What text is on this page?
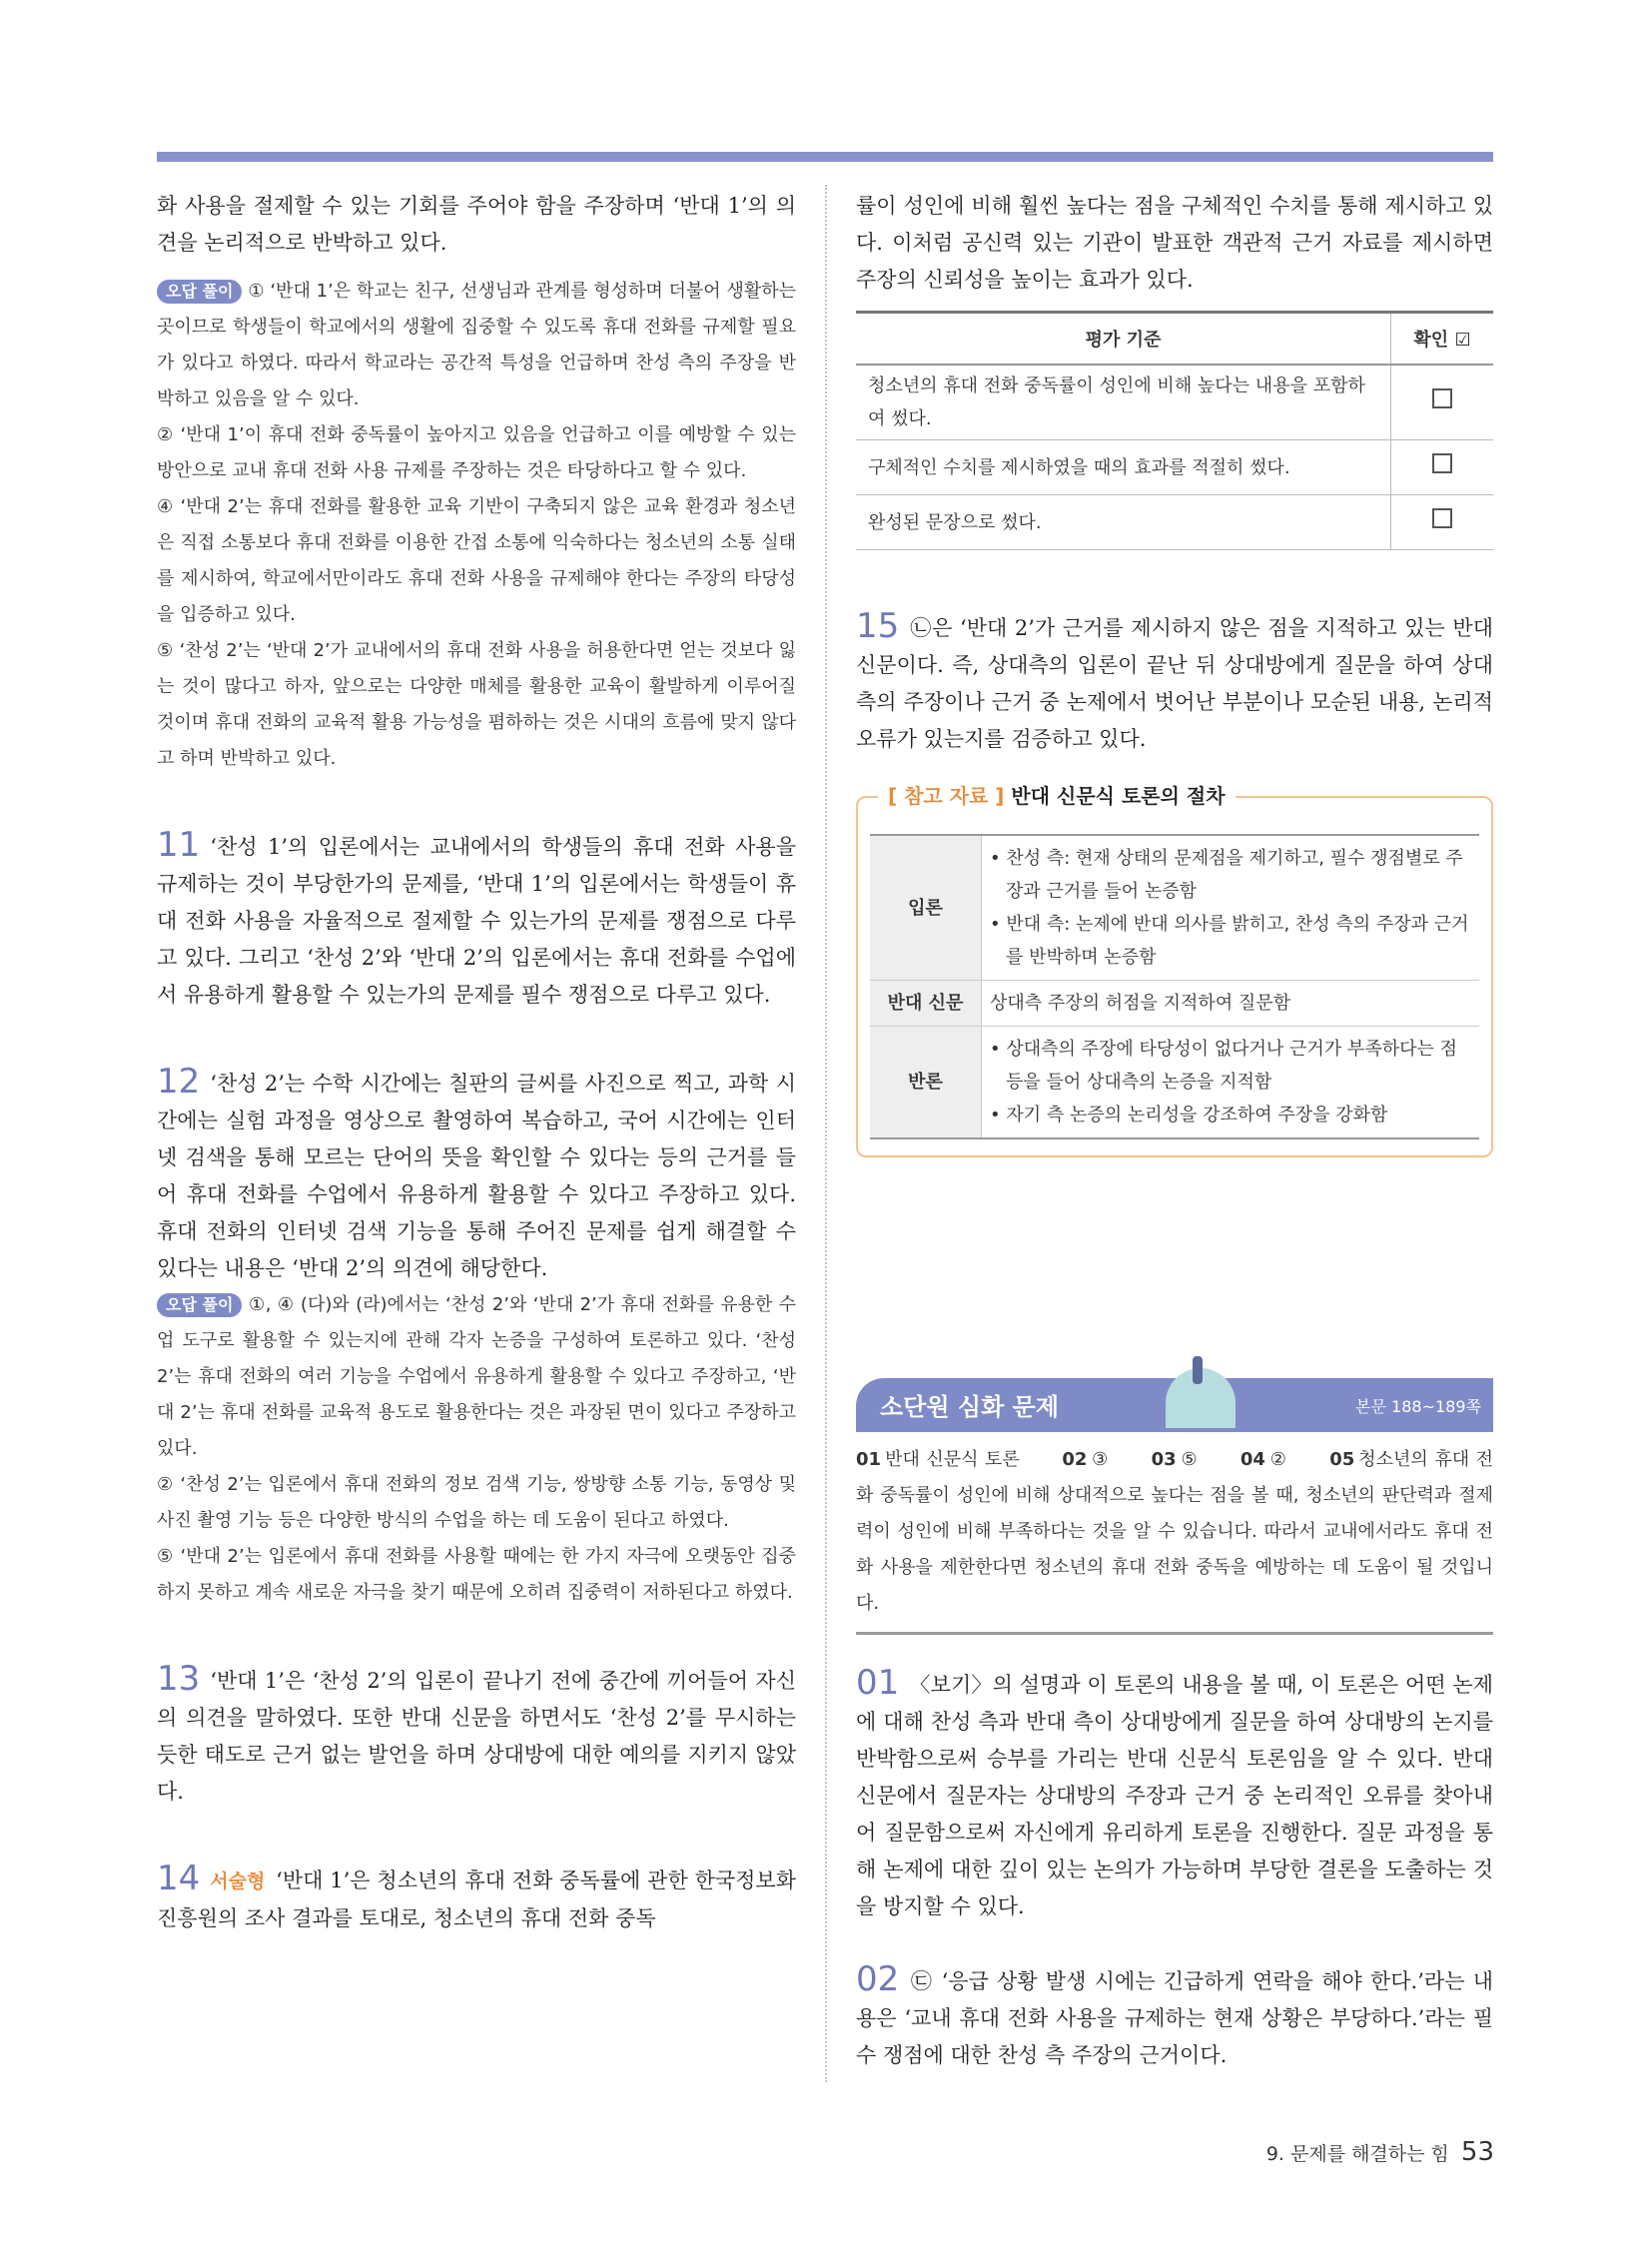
화 사용을 절제할 수 있는 기회를 주어야 함을 주장하며 ‘반대 1’의 의견을 논리적으로 반박하고 있다.
오답 풀이 ① ‘반대 1’은 학교는 친구, 선생님과 관계를 형성하며 더불어 생활하는 곳이므로 학생들이 학교에서의 생활에 집중할 수 있도록 휴대 전화를 규제할 필요가 있다고 하였다. 따라서 학교라는 공간적 특성을 언급하며 찬성 측의 주장을 반박하고 있음을 알 수 있다.
② ‘반대 1’이 휴대 전화 중독률이 높아지고 있음을 언급하고 이를 예방할 수 있는 방안으로 교내 휴대 전화 사용 규제를 주장하는 것은 타당하다고 할 수 있다.
④ ‘반대 2’는 휴대 전화를 활용한 교육 기반이 구축되지 않은 교육 환경과 청소년은 직접 소통보다 휴대 전화를 이용한 간접 소통에 익숙하다는 청소년의 소통 실태를 제시하여, 학교에서만이라도 휴대 전화 사용을 규제해야 한다는 주장의 타당성을 입증하고 있다.
⑤ ‘찬성 2’는 ‘반대 2’가 교내에서의 휴대 전화 사용을 허용한다면 얻는 것보다 잃는 것이 많다고 하자, 앞으로는 다양한 매체를 활용한 교육이 활발하게 이루어질 것이며 휴대 전화의 교육적 활용 가능성을 폄하하는 것은 시대의 흐름에 맞지 않다고 하며 반박하고 있다.
11 ‘찬성 1’의 입론에서는 교내에서의 학생들의 휴대 전화 사용을 규제하는 것이 부당한가의 문제를, ‘반대 1’의 입론에서는 학생들이 휴대 전화 사용을 자율적으로 절제할 수 있는가의 문제를 쟁점으로 다루고 있다. 그리고 ‘찬성 2’와 ‘반대 2’의 입론에서는 휴대 전화를 수업에서 유용하게 활용할 수 있는가의 문제를 필수 쟁점으로 다루고 있다.
12 ‘찬성 2’는 수학 시간에는 칠판의 글씨를 사진으로 찍고, 과학 시간에는 실험 과정을 영상으로 촬영하여 복습하고, 국어 시간에는 인터넷 검색을 통해 모르는 단어의 뜻을 확인할 수 있다는 등의 근거를 들어 휴대 전화를 수업에서 유용하게 활용할 수 있다고 주장하고 있다. 휴대 전화의 인터넷 검색 기능을 통해 주어진 문제를 쉽게 해결할 수 있다는 내용은 ‘반대 2’의 의견에 해당한다.
오답 풀이 ①, ④ (다)와 (라)에서는 ‘찬성 2’와 ‘반대 2’가 휴대 전화를 유용한 수업 도구로 활용할 수 있는지에 관해 각자 논증을 구성하여 토론하고 있다. ‘찬성 2’는 휴대 전화의 여러 기능을 수업에서 유용하게 활용할 수 있다고 주장하고, ‘반대 2’는 휴대 전화를 교육적 용도로 활용한다는 것은 과장된 면이 있다고 주장하고 있다.
② ‘찬성 2’는 입론에서 휴대 전화의 정보 검색 기능, 쌍방향 소통 기능, 동영상 및 사진 촬영 기능 등은 다양한 방식의 수업을 하는 데 도움이 된다고 하였다.
⑤ ‘반대 2’는 입론에서 휴대 전화를 사용할 때에는 한 가지 자극에 오랫동안 집중하지 못하고 계속 새로운 자극을 찾기 때문에 오히려 집중력이 저하된다고 하였다.
13 ‘반대 1’은 ‘찬성 2’의 입론이 끝나기 전에 중간에 끼어들어 자신의 의견을 말하였다. 또한 반대 신문을 하면서도 ‘찬성 2’를 무시하는 듯한 태도로 근거 없는 발언을 하며 상대방에 대한 예의를 지키지 않았다.
14 서술형 ‘반대 1’은 청소년의 휴대 전화 중독률에 관한 한국정보화 진흥원의 조사 결과를 토대로, 청소년의 휴대 전화 중독
률이 성인에 비해 훨씬 높다는 점을 구체적인 수치를 통해 제시하고 있다. 이처럼 공신력 있는 기관이 발표한 객관적 근거 자료를 제시하면 주장의 신뢰성을 높이는 효과가 있다.
평가 기준	확인 ☑
청소년의 휴대 전화 중독률이 성인에 비해 높다는 내용을 포함하여 썼다.	
구체적인 수치를 제시하였을 때의 효과를 적절히 썼다.	
완성된 문장으로 썼다.	
15 ㉡은 ‘반대 2’가 근거를 제시하지 않은 점을 지적하고 있는 반대 신문이다. 즉, 상대측의 입론이 끝난 뒤 상대방에게 질문을 하여 상대측의 주장이나 근거 중 논제에서 벗어난 부분이나 모순된 내용, 논리적 오류가 있는지를 검증하고 있다.
[ 참고 자료 ] 반대 신문식 토론의 절차
입론	• 찬성 측: 현재 상태의 문제점을 제기하고, 필수 쟁점별로 주장과 근거를 들어 논증함
• 반대 측: 논제에 반대 의사를 밝히고, 찬성 측의 주장과 근거를 반박하며 논증함

반대 신문	상대측 주장의 허점을 지적하여 질문함

반론	• 상대측의 주장에 타당성이 없다거나 근거가 부족하다는 점 등을 들어 상대측의 논증을 지적함
• 자기 측 논증의 논리성을 강조하여 주장을 강화함
소단원 심화 문제	본문 188~189쪽
01 반대 신문식 토론 02 ③ 03 ⑤ 04 ② 05 청소년의 휴대 전화 중독률이 성인에 비해 상대적으로 높다는 점을 볼 때, 청소년의 판단력과 절제력이 성인에 비해 부족하다는 것을 알 수 있습니다. 따라서 교내에서라도 휴대 전화 사용을 제한한다면 청소년의 휴대 전화 중독을 예방하는 데 도움이 될 것입니다.
01 〈보기〉의 설명과 이 토론의 내용을 볼 때, 이 토론은 어떤 논제에 대해 찬성 측과 반대 측이 상대방에게 질문을 하여 상대방의 논지를 반박함으로써 승부를 가리는 반대 신문식 토론임을 알 수 있다. 반대 신문에서 질문자는 상대방의 주장과 근거 중 논리적인 오류를 찾아내어 질문함으로써 자신에게 유리하게 토론을 진행한다. 질문 과정을 통해 논제에 대한 깊이 있는 논의가 가능하며 부당한 결론을 도출하는 것을 방지할 수 있다.
02 ㉢ ‘응급 상황 발생 시에는 긴급하게 연락을 해야 한다.’라는 내용은 ‘교내 휴대 전화 사용을 규제하는 현재 상황은 부당하다.’라는 필수 쟁점에 대한 찬성 측 주장의 근거이다.
9. 문제를 해결하는 힘 53
